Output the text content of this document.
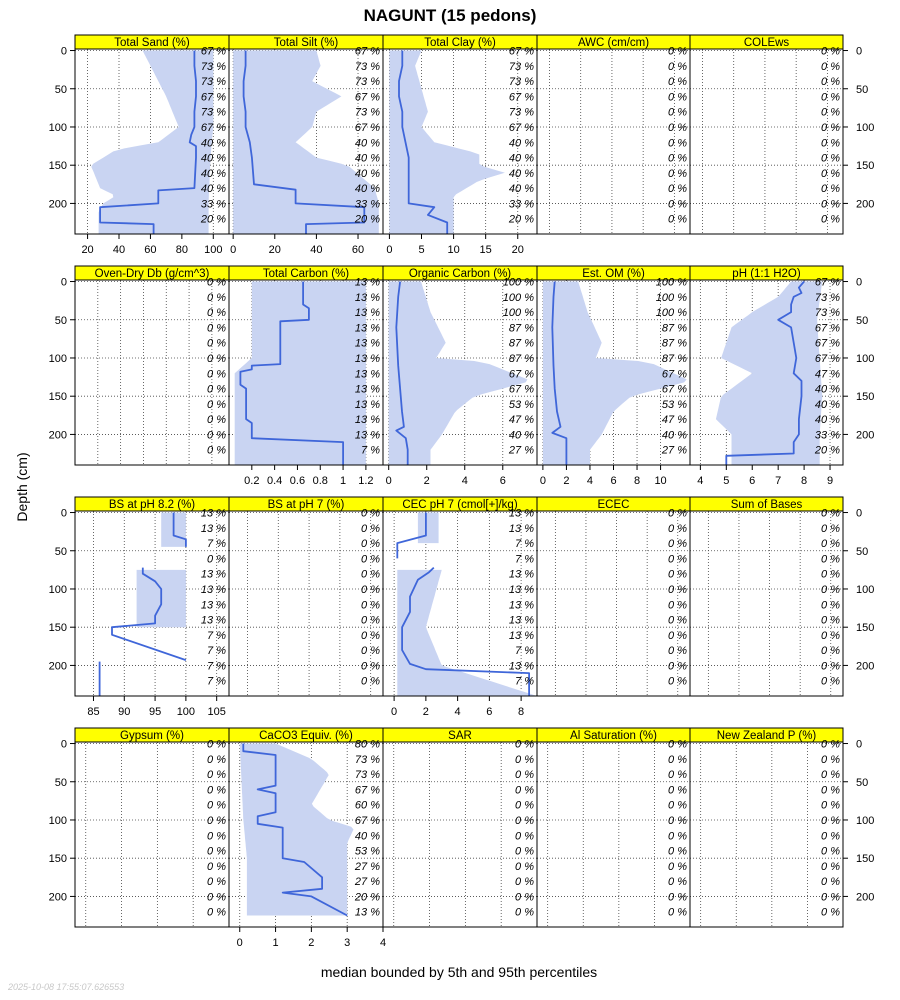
NAGUNT (15 pedons)
Depth (cm)
median bounded by 5th and 95th percentiles
2025-10-08 17:55:07.626553
Total Sand (%)
67 %
73 %
73 %
67 %
73 %
67 %
40 %
40 %
40 %
40 %
33 %
20 %
0
50
100
150
200
20 40 60 80 100
Total Silt (%)
67 %
73 %
73 %
67 %
73 %
67 %
40 %
40 %
40 %
40 %
33 %
20 %
0	20	40	60
Total Clay (%)
67 %
73 %
73 %
67 %
73 %
67 %
40 %
40 %
40 %
40 %
33 %
20 %
0 5 10 15 20
AWC (cm/cm)
0 %
0 %
0 %
0 %
0 %
0 %
0 %
0 %
0 %
0 %
0 %
0 %
COLEws
0 %
0 %
0 %
0 %
0 %
0 %
0 %
0 %
0 %
0 %
0 %
0 %
0
50
100
150
200
Oven-Dry Db (g/cm^3)
0 %
0 %
0 %
0 %
0 %
0 %
0 %
0 %
0 %
0 %
0 %
0 %
0
50
100
150
200
Total Carbon (%)
13 %
13 %
13 %
13 %
13 %
13 %
13 %
13 %
13 %
13 %
13 %
7 %
0.2 0.4 0.6 0.8 1 1.2
Organic Carbon (%)
100 %
100 %
100 %
87 %
87 %
87 %
67 %
67 %
53 %
47 %
40 %
27 %
0	2	4	6
Est. OM (%)
100 %
100 %
100 %
87 %
87 %
87 %
67 %
67 %
53 %
47 %
40 %
27 %
0 2 4 6 8 10
pH (1:1 H2O)
67 %
73 %
73 %
67 %
67 %
67 %
47 %
40 %
40 %
40 %
33 %
20 %
0
50
100
150
200
4 5 6 7 8 9
BS at pH 8.2 (%)
13 %
13 %
7 %
0 %
13 %
13 %
13 %
13 %
7 %
7 %
7 %
7 %
0
50
100
150
200
85 90 95 100 105
BS at pH 7 (%)
0 %
0 %
0 %
0 %
0 %
0 %
0 %
0 %
0 %
0 %
0 %
0 %
CEC pH 7 (cmol[+]/kg)
13 %
13 %
7 %
7 %
13 %
13 %
13 %
13 %
13 %
7 %
13 %
7 %
0 2 4 6 8
ECEC
0 %
0 %
0 %
0 %
0 %
0 %
0 %
0 %
0 %
0 %
0 %
0 %
Sum of Bases
0 %
0 %
0 %
0 %
0 %
0 %
0 %
0 %
0 %
0 %
0 %
0 %
0
50
100
150
200
Gypsum (%)
0 %
0 %
0 %
0 %
0 %
0 %
0 %
0 %
0 %
0 %
0 %
0 %
0
50
100
150
200
CaCO3 Equiv. (%)
80 %
73 %
73 %
67 %
60 %
67 %
40 %
53 %
27 %
27 %
20 %
13 %
0	1	2	3	4
SAR
0 %
0 %
0 %
0 %
0 %
0 %
0 %
0 %
0 %
0 %
0 %
0 %
Al Saturation (%)
0 %
0 %
0 %
0 %
0 %
0 %
0 %
0 %
0 %
0 %
0 %
0 %
New Zealand P (%)
0 %
0 %
0 %
0 %
0 %
0 %
0 %
0 %
0 %
0 %
0 %
0 %
0
50
100
150
200
